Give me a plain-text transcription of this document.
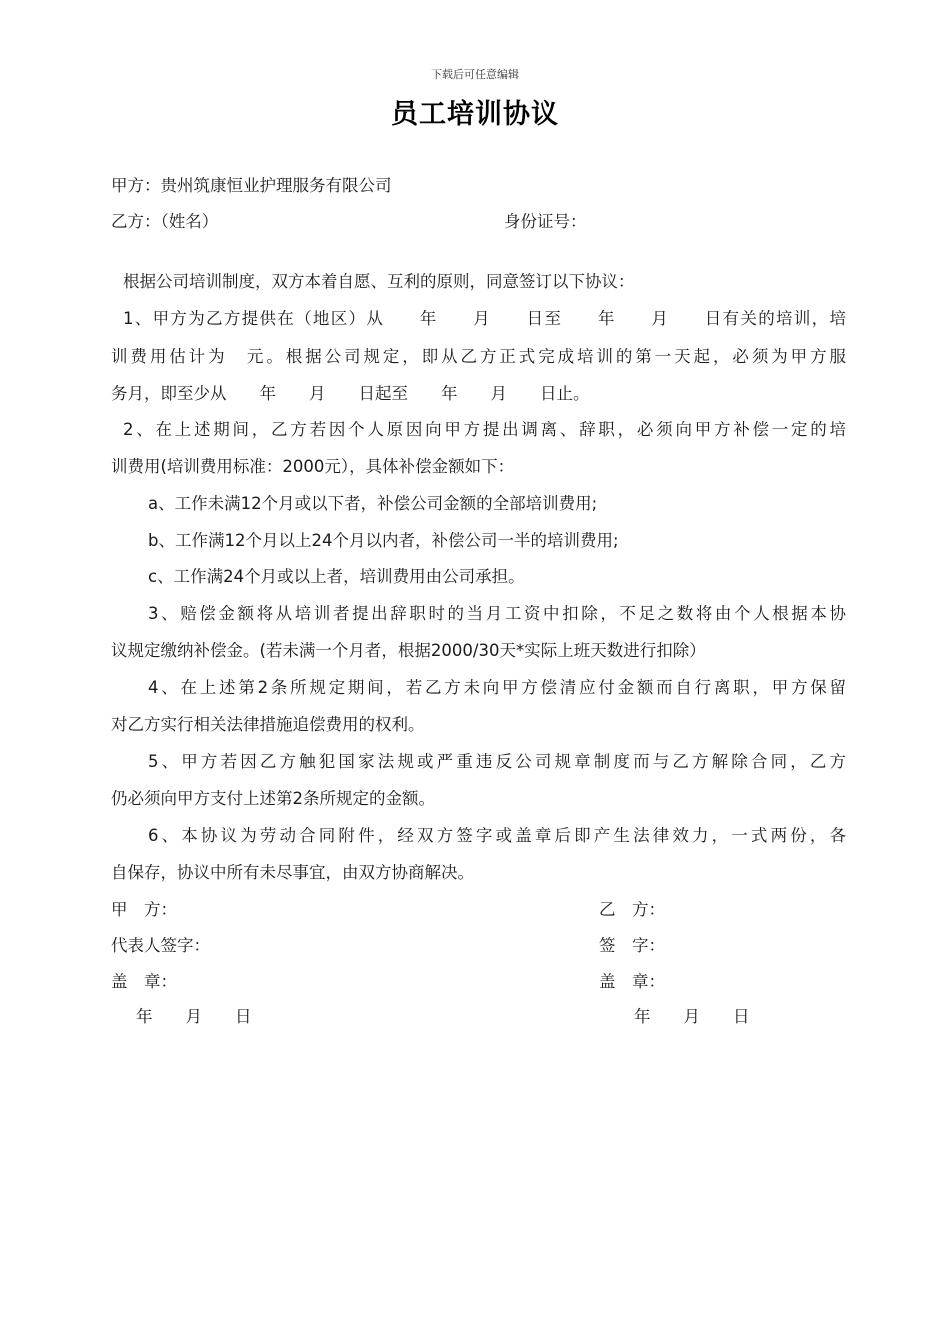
下载后可任意编辑
员工培训协议
甲方：贵州筑康恒业护理服务有限公司
乙方：（姓名）	身份证号：
根据公司培训制度，双方本着自愿、互利的原则，同意签订以下协议：
1、甲方为乙方提供在（地区）从　　年　　月　　日至　　年　　月　　日有关的培训，培
训费用估计为　元。根据公司规定，即从乙方正式完成培训的第一天起，必须为甲方服
务月，即至少从　　年　　月　　日起至　　年　　月　　日止。
2、在上述期间，乙方若因个人原因向甲方提出调离、辞职，必须向甲方补偿一定的培
训费用(培训费用标准：2000元），具体补偿金额如下：
a、工作未满12个月或以下者，补偿公司金额的全部培训费用;
b、工作满12个月以上24个月以内者，补偿公司一半的培训费用;
c、工作满24个月或以上者，培训费用由公司承担。
3、赔偿金额将从培训者提出辞职时的当月工资中扣除，不足之数将由个人根据本协
议规定缴纳补偿金。(若未满一个月者，根据2000/30天*实际上班天数进行扣除）
4、在上述第2条所规定期间，若乙方未向甲方偿清应付金额而自行离职，甲方保留
对乙方实行相关法律措施追偿费用的权利。
5、甲方若因乙方触犯国家法规或严重违反公司规章制度而与乙方解除合同，乙方
仍必须向甲方支付上述第2条所规定的金额。
6、本协议为劳动合同附件，经双方签字或盖章后即产生法律效力，一式两份，各
自保存，协议中所有未尽事宜，由双方协商解决。
甲　方：
代表人签字：
盖　章：
年　　月　　日
乙　方：
签　字：
盖　章：
年　　月　　日
